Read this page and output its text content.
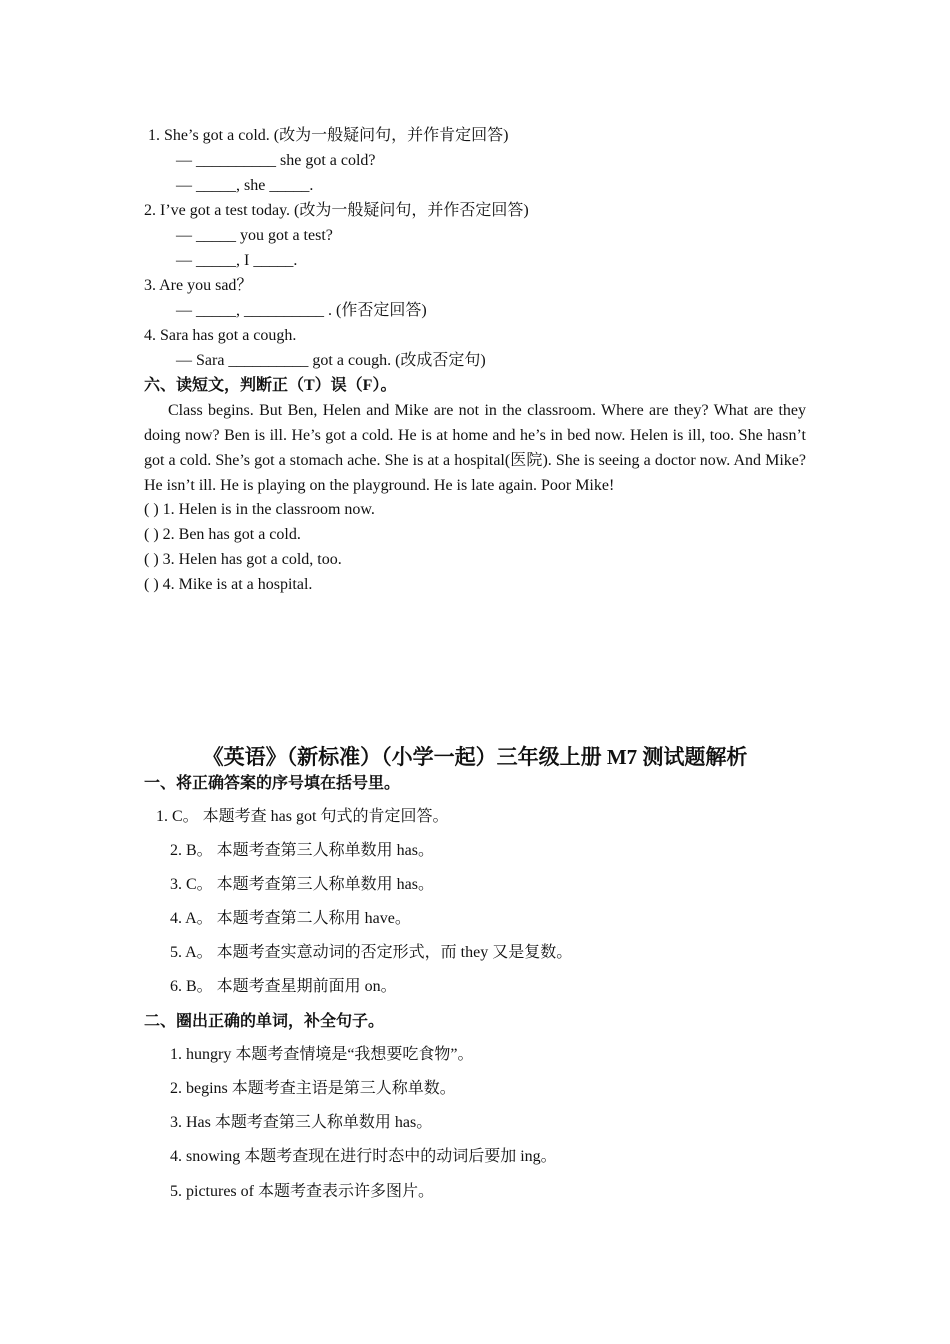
1. She’s got a cold. (改为一般疑问句，并作肯定回答)
— __________ she got a cold?
— _____, she _____.
2. I’ve got a test today. (改为一般疑问句，并作否定回答)
— _____ you got a test?
— _____, I _____.
3. Are you sad？
— _____, __________ . (作否定回答)
4. Sara has got a cough.
— Sara __________ got a cough. (改成否定句)
六、读短文，判断正（T）误（F）。
Class begins. But Ben, Helen and Mike are not in the classroom. Where are they? What are they doing now? Ben is ill. He’s got a cold. He is at home and he’s in bed now. Helen is ill, too. She hasn’t got a cold. She’s got a stomach ache. She is at a hospital(医院). She is seeing a doctor now. And Mike? He isn’t ill. He is playing on the playground. He is late again. Poor Mike!
( ) 1. Helen is in the classroom now.
( ) 2. Ben has got a cold.
( ) 3. Helen has got a cold, too.
( ) 4. Mike is at a hospital.
《英语》（新标准）（小学一起）三年级上册 M7 测试题解析
一、将正确答案的序号填在括号里。
1. C。 本题考查 has got 句式的肯定回答。
2. B。 本题考查第三人称单数用 has。
3. C。 本题考查第三人称单数用 has。
4. A。 本题考查第二人称用 have。
5. A。 本题考查实意动词的否定形式，而 they 又是复数。
6. B。 本题考查星期前面用 on。
二、圈出正确的单词，补全句子。
1. hungry 本题考查情境是“我想要吃食物”。
2. begins 本题考查主语是第三人称单数。
3. Has 本题考查第三人称单数用 has。
4. snowing 本题考查现在进行时态中的动词后要加 ing。
5. pictures of 本题考查表示许多图片。
